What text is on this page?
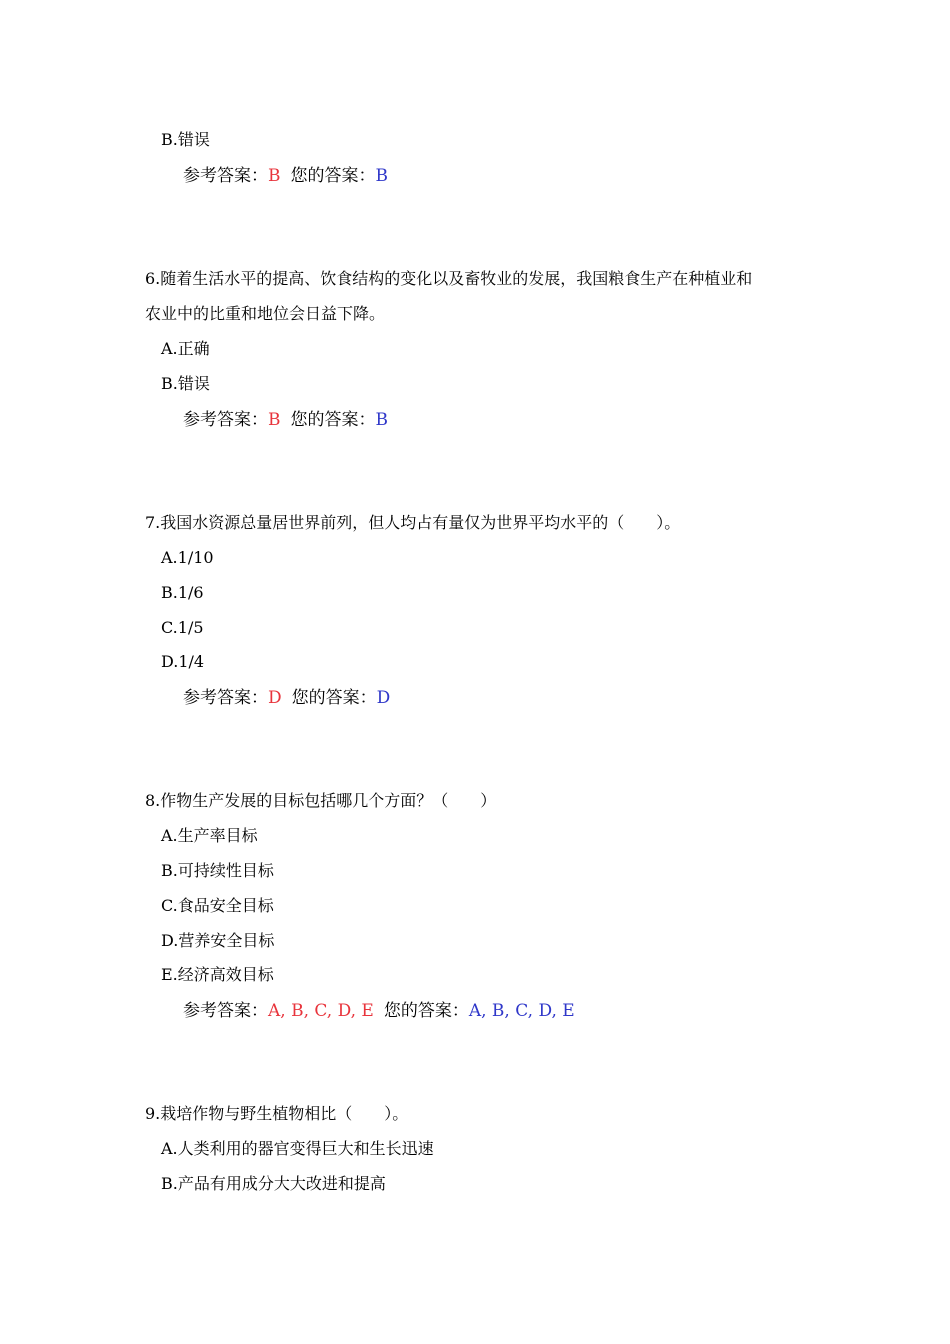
B.错误
参考答案：B 您的答案：B
6.随着生活水平的提高、饮食结构的变化以及畜牧业的发展，我国粮食生产在种植业和
农业中的比重和地位会日益下降。
A.正确
B.错误
参考答案：B 您的答案：B
7.我国水资源总量居世界前列，但人均占有量仅为世界平均水平的（　　）。
A.1/10
B.1/6
C.1/5
D.1/4
参考答案：D 您的答案：D
8.作物生产发展的目标包括哪几个方面？（　　）
A.生产率目标
B.可持续性目标
C.食品安全目标
D.营养安全目标
E.经济高效目标
参考答案：A, B, C, D, E 您的答案：A, B, C, D, E
9.栽培作物与野生植物相比（　　）。
A.人类利用的器官变得巨大和生长迅速
B.产品有用成分大大改进和提高
